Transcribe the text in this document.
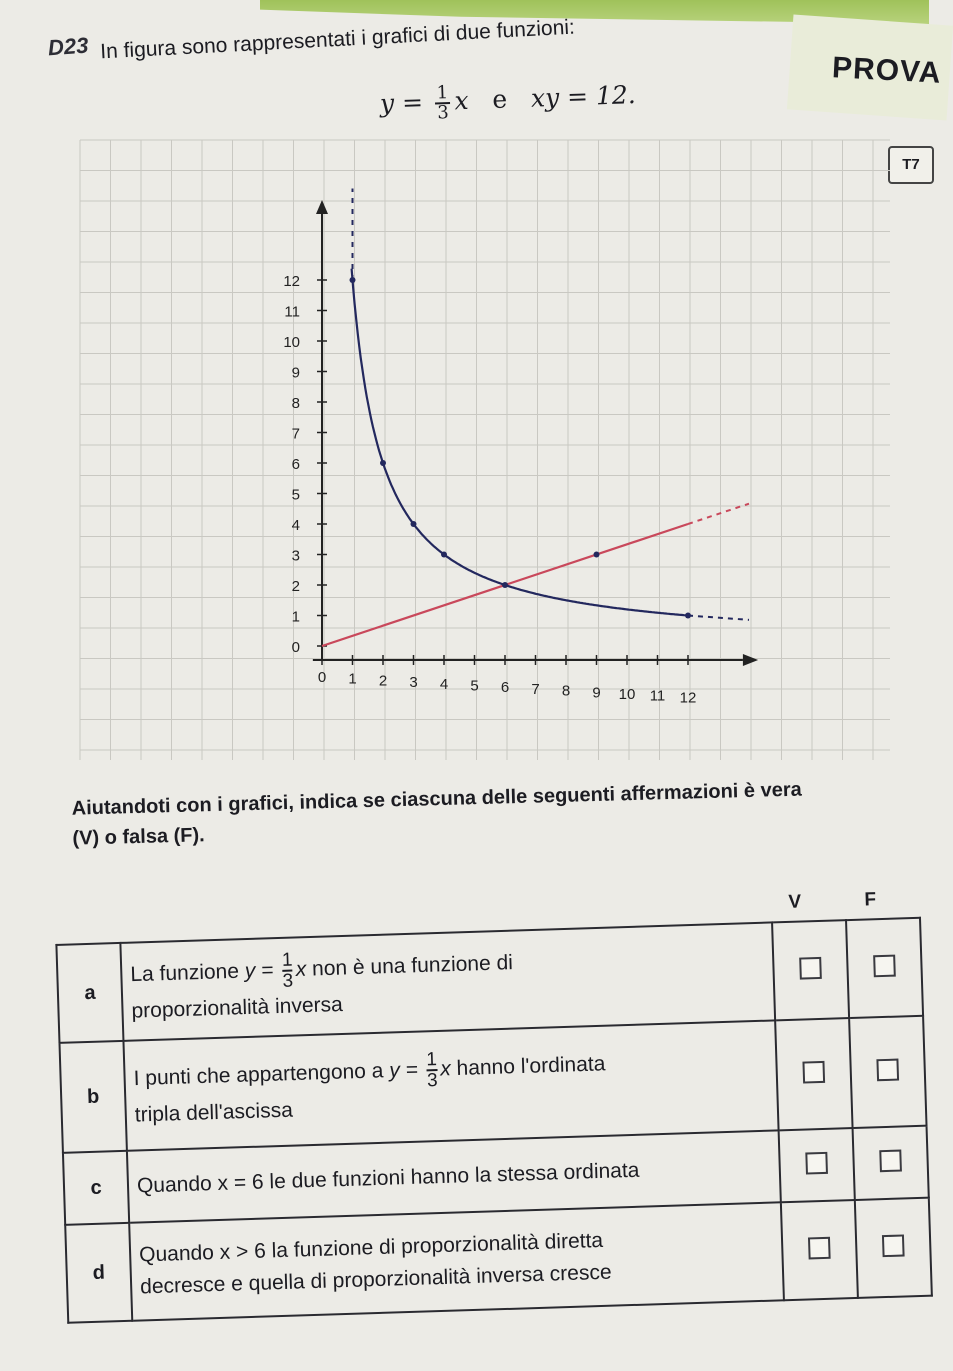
PROVA
D23 In figura sono rappresentati i grafici di due funzioni:
$y = \frac{1}{3}$ x e xy = 12.
T7
0
1
2
3
4
5
6
7
8
9
10
11
12
0 1 2 3 4 5 6 7 8 9 10 11 12
Aiutandoti con i grafici, indica se ciascuna delle seguenti affermazioni è vera (V) o falsa (F).
V	F
a	La funzione $y = \frac{1}{3}$ x non è una funzione di
proporzionalità inversa		
b	I punti che appartengono a $y = \frac{1}{3}$ x hanno l'ordinata
tripla dell'ascissa		
c	Quando x = 6 le due funzioni hanno la stessa ordinata		
d	Quando x > 6 la funzione di proporzionalità diretta
decresce e quella di proporzionalità inversa cresce		
